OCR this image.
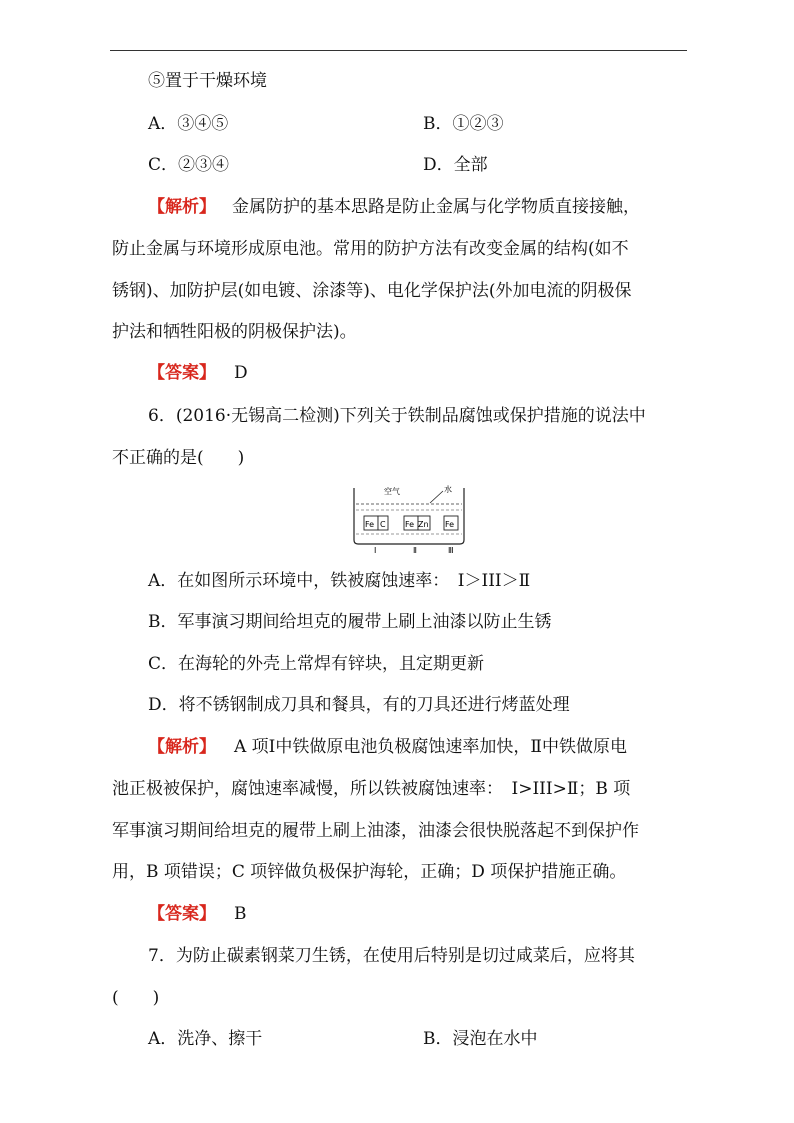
⑤置于干燥环境
A．③④⑤	B．①②③
C．②③④	D．全部
【解析】 金属防护的基本思路是防止金属与化学物质直接接触，
防止金属与环境形成原电池。常用的防护方法有改变金属的结构(如不
锈钢)、加防护层(如电镀、涂漆等)、电化学保护法(外加电流的阴极保
护法和牺牲阳极的阴极保护法)。
【答案】 D
6．(2016·无锡高二检测)下列关于铁制品腐蚀或保护措施的说法中
不正确的是(　　)
空气	水
Fe C Fe Zn Fe
Ⅰ	Ⅱ	Ⅲ
A．在如图所示环境中，铁被腐蚀速率：　Ⅰ＞III＞Ⅱ
B．军事演习期间给坦克的履带上刷上油漆以防止生锈
C．在海轮的外壳上常焊有锌块，且定期更新
D．将不锈钢制成刀具和餐具，有的刀具还进行烤蓝处理
【解析】 A 项Ⅰ中铁做原电池负极腐蚀速率加快，Ⅱ中铁做原电
池正极被保护，腐蚀速率减慢，所以铁被腐蚀速率：　Ⅰ>III>Ⅱ；B 项
军事演习期间给坦克的履带上刷上油漆，油漆会很快脱落起不到保护作
用，B 项错误；C 项锌做负极保护海轮，正确；D 项保护措施正确。
【答案】 B
7．为防止碳素钢菜刀生锈，在使用后特别是切过咸菜后，应将其
(　　)
A．洗净、擦干	B．浸泡在水中
